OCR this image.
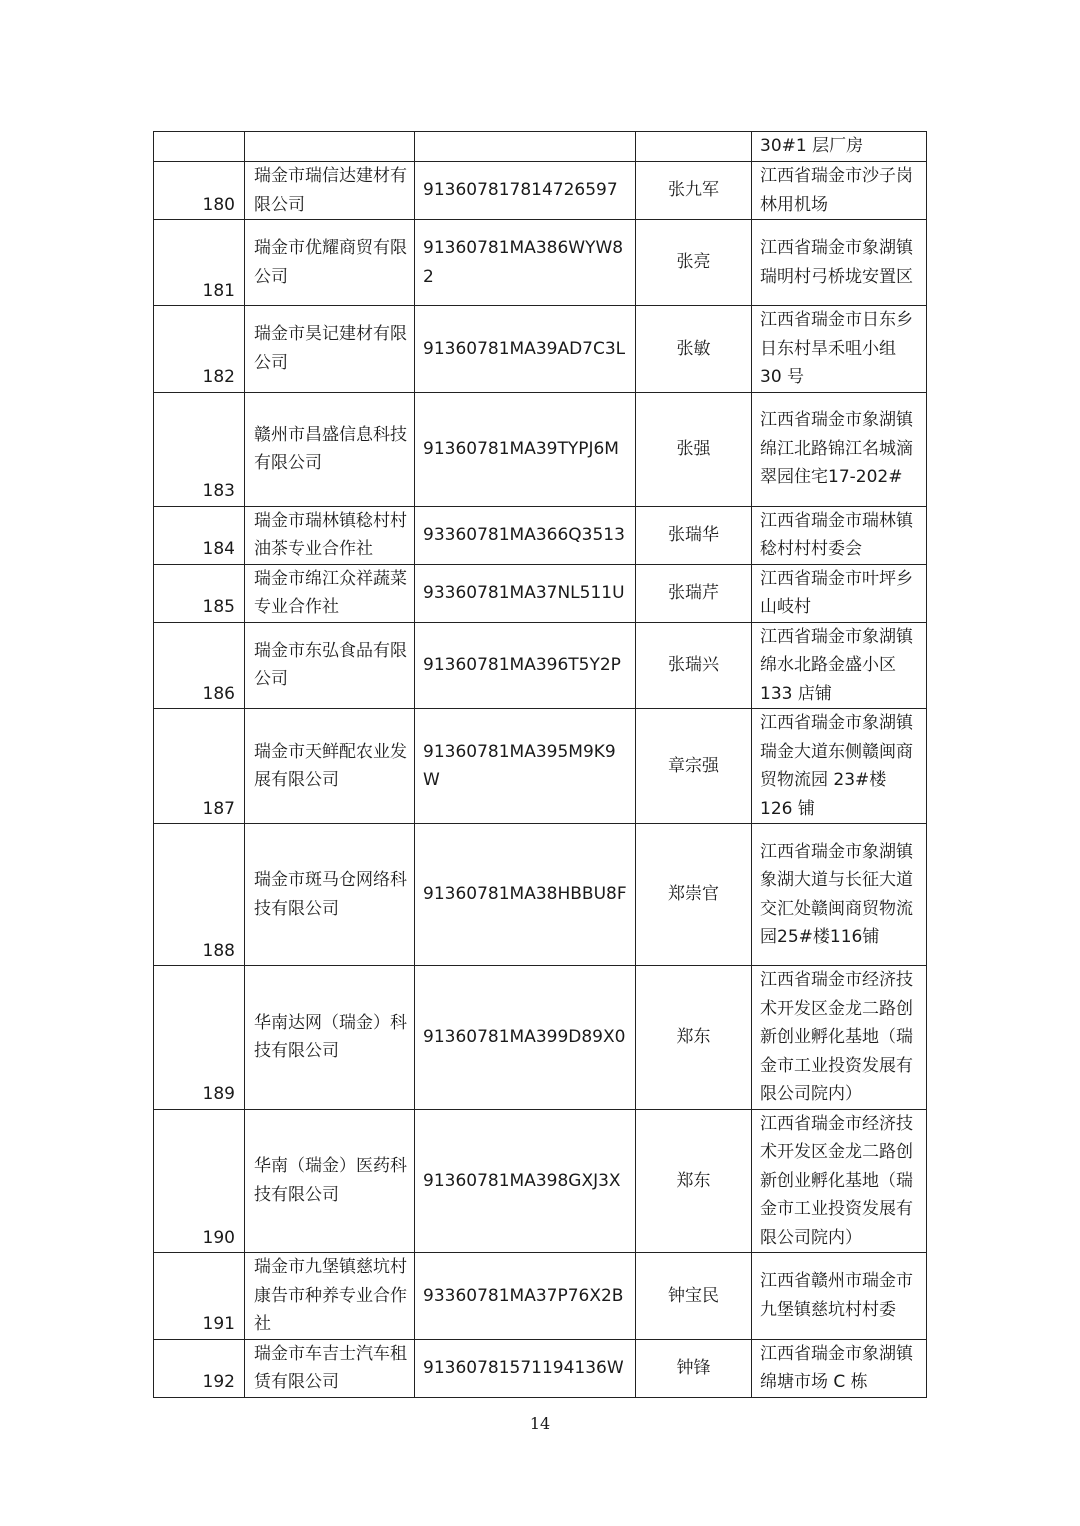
				30#1 层厂房
180	瑞金市瑞信达建材有限公司	913607817814726597	张九军	江西省瑞金市沙子岗林用机场
181	瑞金市优耀商贸有限公司	91360781MA386WYW82	张亮	江西省瑞金市象湖镇瑞明村弓桥垅安置区
182	瑞金市昊记建材有限公司	91360781MA39AD7C3L	张敏	江西省瑞金市日东乡日东村旱禾咀小组 30 号
183	赣州市昌盛信息科技有限公司	91360781MA39TYPJ6M	张强	江西省瑞金市象湖镇绵江北路锦江名城滴翠园住宅17-202#
184	瑞金市瑞林镇稔村村油茶专业合作社	93360781MA366Q3513	张瑞华	江西省瑞金市瑞林镇稔村村村委会
185	瑞金市绵江众祥蔬菜专业合作社	93360781MA37NL511U	张瑞芹	江西省瑞金市叶坪乡山岐村
186	瑞金市东弘食品有限公司	91360781MA396T5Y2P	张瑞兴	江西省瑞金市象湖镇绵水北路金盛小区 133 店铺
187	瑞金市天鲜配农业发展有限公司	91360781MA395M9K9W	章宗强	江西省瑞金市象湖镇瑞金大道东侧赣闽商贸物流园 23#楼 126 铺
188	瑞金市斑马仓网络科技有限公司	91360781MA38HBBU8F	郑崇官	江西省瑞金市象湖镇象湖大道与长征大道交汇处赣闽商贸物流园25#楼116铺
189	华南达网（瑞金）科技有限公司	91360781MA399D89X0	郑东	江西省瑞金市经济技术开发区金龙二路创新创业孵化基地（瑞金市工业投资发展有限公司院内）
190	华南（瑞金）医药科技有限公司	91360781MA398GXJ3X	郑东	江西省瑞金市经济技术开发区金龙二路创新创业孵化基地（瑞金市工业投资发展有限公司院内）
191	瑞金市九堡镇慈坑村康告市种养专业合作社	93360781MA37P76X2B	钟宝民	江西省赣州市瑞金市九堡镇慈坑村村委
192	瑞金市车吉士汽车租赁有限公司	91360781571194136W	钟锋	江西省瑞金市象湖镇绵塘市场 C 栋
14
